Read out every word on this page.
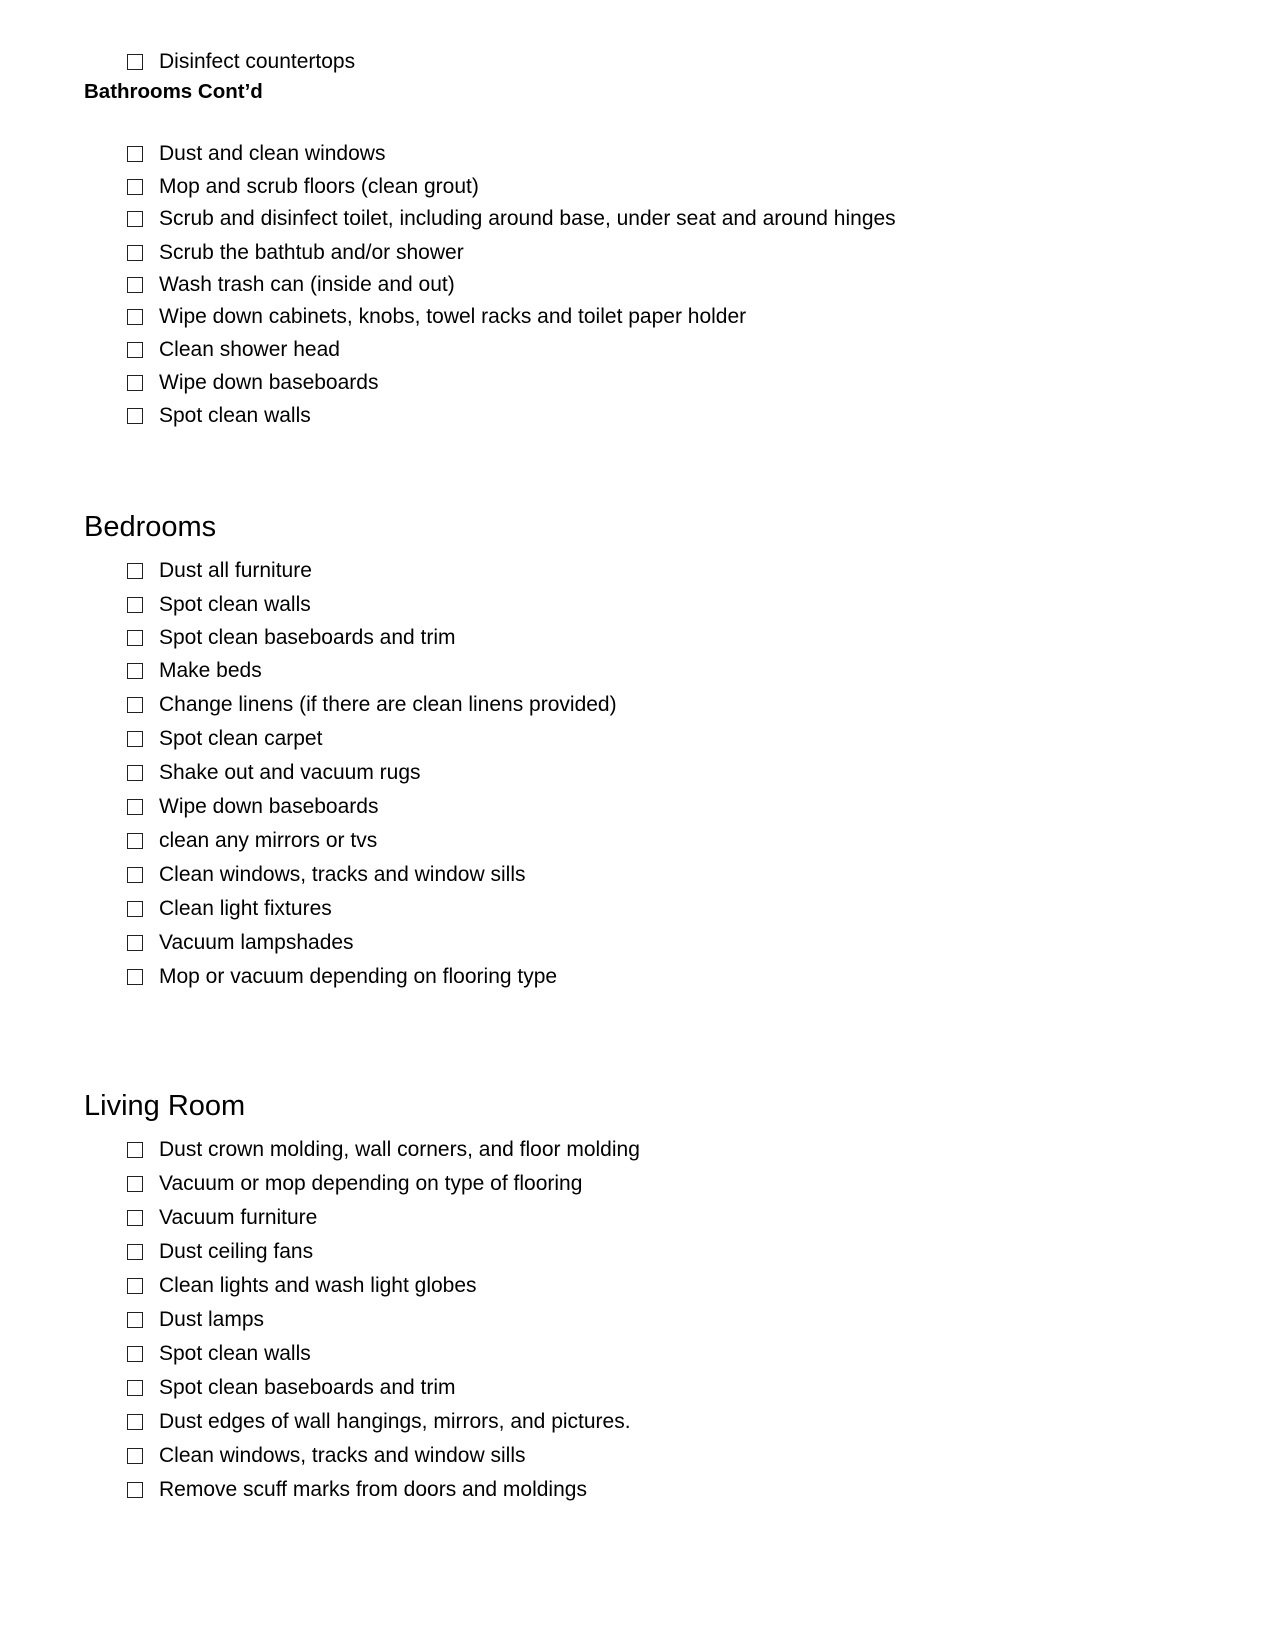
Disinfect countertops
Bathrooms Cont’d
Dust and clean windows
Mop and scrub floors (clean grout)
Scrub and disinfect toilet, including around base, under seat and around hinges
Scrub the bathtub and/or shower
Wash trash can (inside and out)
Wipe down cabinets, knobs, towel racks and toilet paper holder
Clean shower head
Wipe down baseboards
Spot clean walls
Bedrooms
Dust all furniture
Spot clean walls
Spot clean baseboards and trim
Make beds
Change linens (if there are clean linens provided)
Spot clean carpet
Shake out and vacuum rugs
Wipe down baseboards
clean any mirrors or tvs
Clean windows, tracks and window sills
Clean light fixtures
Vacuum lampshades
Mop or vacuum depending on flooring type
Living Room
Dust crown molding, wall corners, and floor molding
Vacuum or mop depending on type of flooring
Vacuum furniture
Dust ceiling fans
Clean lights and wash light globes
Dust lamps
Spot clean walls
Spot clean baseboards and trim
Dust edges of wall hangings, mirrors, and pictures.
Clean windows, tracks and window sills
Remove scuff marks from doors and moldings
